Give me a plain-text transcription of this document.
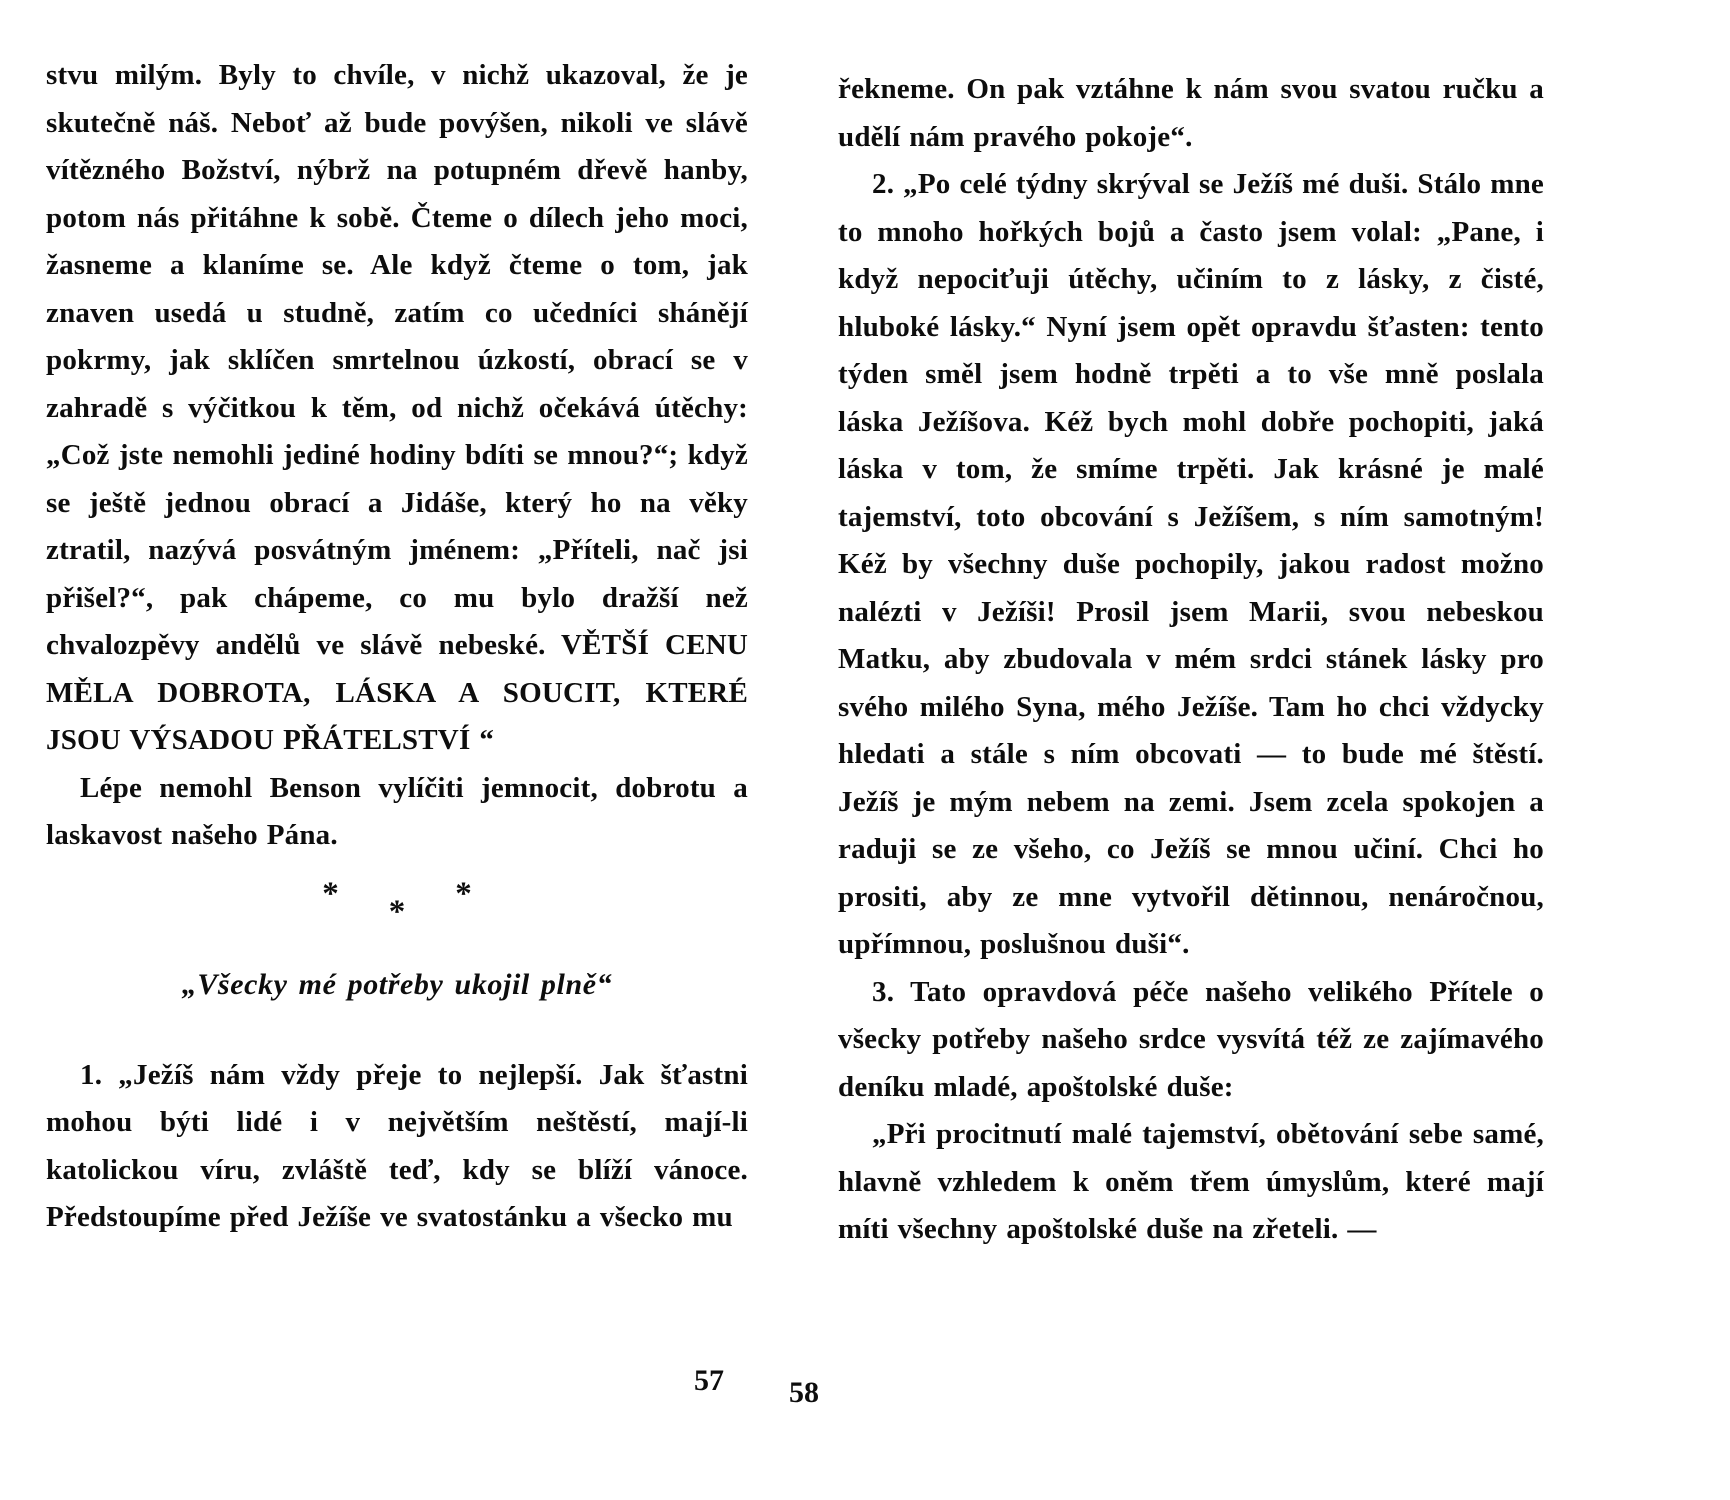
stvu milým. Byly to chvíle, v nichž ukazoval, že je skutečně náš. Neboť až bude povýšen, nikoli ve slávě vítězného Božství, nýbrž na potupném dřevě hanby, potom nás přitáhne k sobě. Čteme o dílech jeho moci, žasneme a klaníme se. Ale když čteme o tom, jak znaven usedá u studně, zatím co učedníci shánějí pokrmy, jak sklíčen smrtelnou úzkostí, obrací se v zahradě s výčitkou k těm, od nichž očekává útěchy: „Což jste nemohli jediné hodiny bdíti se mnou?“; když se ještě jednou obrací a Jidáše, který ho na věky ztratil, nazývá posvátným jménem: „Příteli, nač jsi přišel?“, pak chápeme, co mu bylo dražší než chvalozpěvy andělů ve slávě nebeské. VĚTŠÍ CENU MĚLA DOBROTA, LÁSKA A SOUCIT, KTERÉ JSOU VÝSADOU PŘÁTELSTVÍ “

Lépe nemohl Benson vylíčiti jemnocit, dobrotu a laskavost našeho Pána.

* * *
„Všecky mé potřeby ukojil plně“

1. „Ježíš nám vždy přeje to nejlepší. Jak šťastni mohou býti lidé i v největším neštěstí, mají-li katolickou víru, zvláště teď, kdy se blíží vánoce. Předstoupíme před Ježíše ve svatostánku a všecko mu

řekneme. On pak vztáhne k nám svou svatou ručku a udělí nám pravého pokoje“.

2. „Po celé týdny skrýval se Ježíš mé duši. Stálo mne to mnoho hořkých bojů a často jsem volal: „Pane, i když nepociťuji útěchy, učiním to z lásky, z čisté, hluboké lásky.“ Nyní jsem opět opravdu šťasten: tento týden směl jsem hodně trpěti a to vše mně poslala láska Ježíšova. Kéž bych mohl dobře pochopiti, jaká láska v tom, že smíme trpěti. Jak krásné je malé tajemství, toto obcování s Ježíšem, s ním samotným! Kéž by všechny duše pochopily, jakou radost možno nalézti v Ježíši! Prosil jsem Marii, svou nebeskou Matku, aby zbudovala v mém srdci stánek lásky pro svého milého Syna, mého Ježíše. Tam ho chci vždycky hledati a stále s ním obcovati — to bude mé štěstí. Ježíš je mým nebem na zemi. Jsem zcela spokojen a raduji se ze všeho, co Ježíš se mnou učiní. Chci ho prositi, aby ze mne vytvořil dětinnou, nenáročnou, upřímnou, poslušnou duši“.

3. Tato opravdová péče našeho velikého Přítele o všecky potřeby našeho srdce vysvítá též ze zajímavého deníku mladé, apoštolské duše:

„Při procitnutí malé tajemství, obětování sebe samé, hlavně vzhledem k oněm třem úmyslům, které mají míti všechny apoštolské duše na zřeteli. —

57 58
